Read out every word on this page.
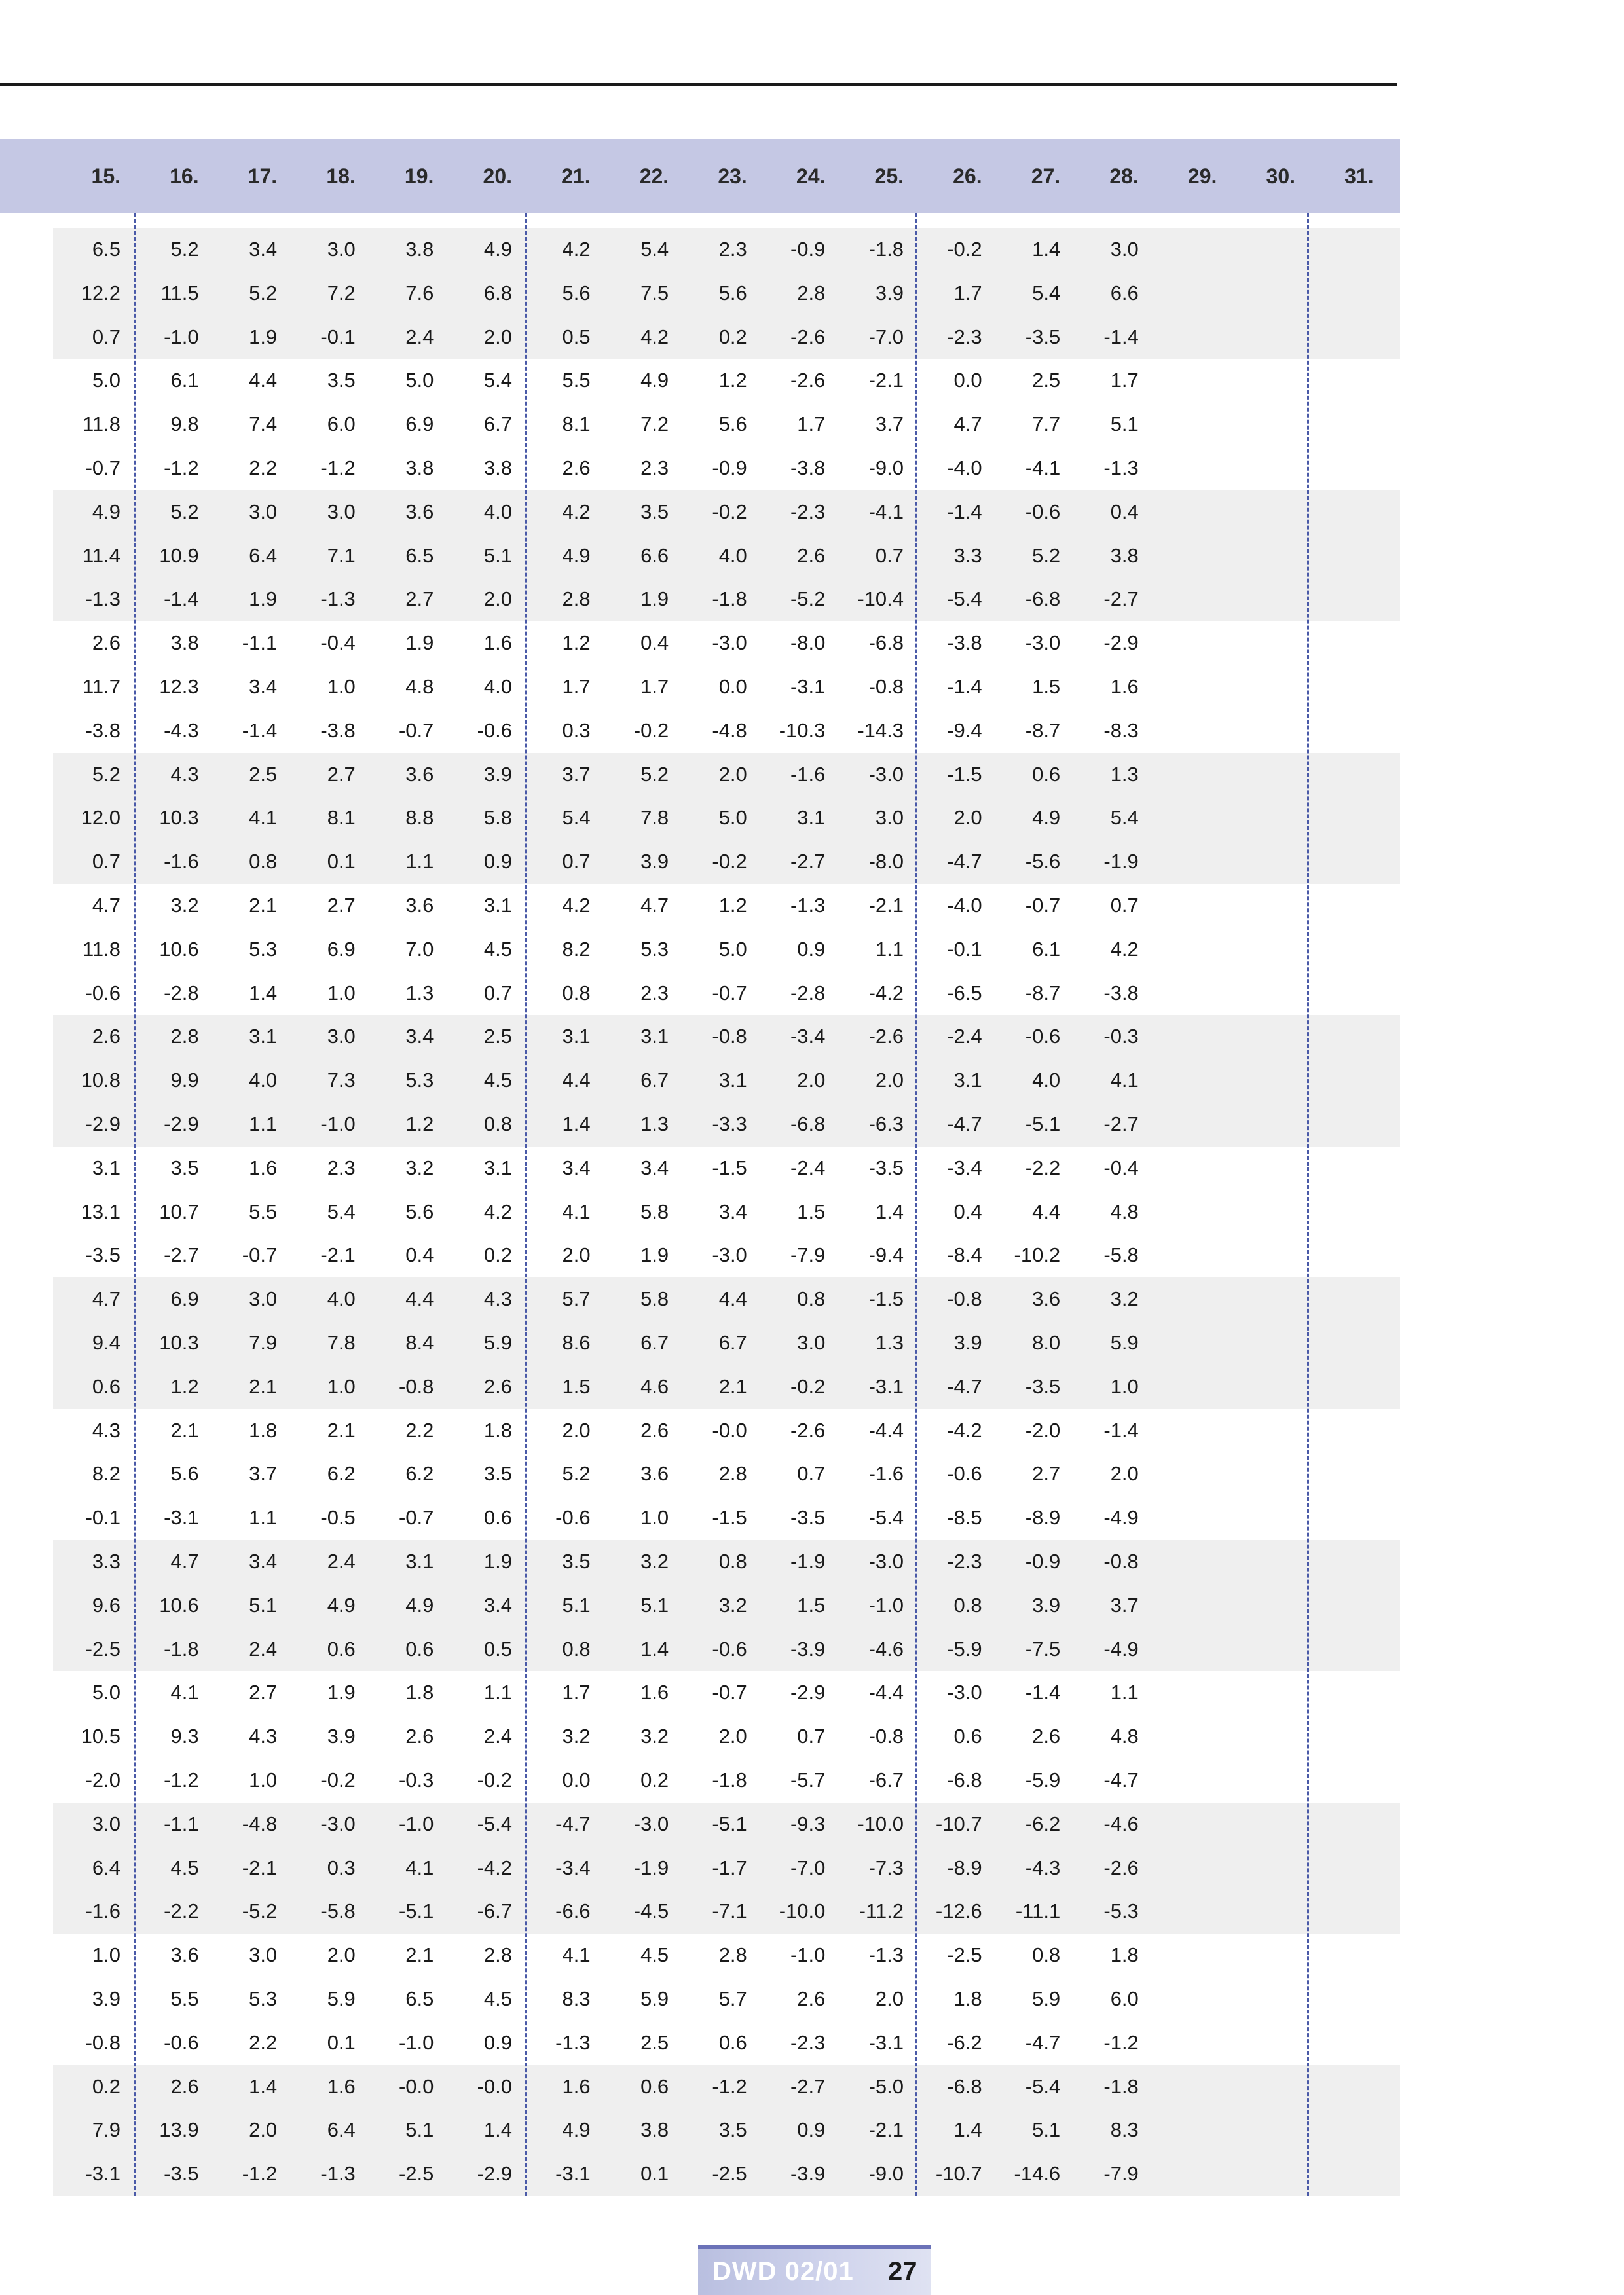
15.	16.	17.	18.	19.	20.	21.	22.	23.	24.	25.	26.	27.	28.	29.	30.	31.
6.5	5.2	3.4	3.0	3.8	4.9	4.2	5.4	2.3	-0.9	-1.8	-0.2	1.4	3.0
12.2	11.5	5.2	7.2	7.6	6.8	5.6	7.5	5.6	2.8	3.9	1.7	5.4	6.6
0.7	-1.0	1.9	-0.1	2.4	2.0	0.5	4.2	0.2	-2.6	-7.0	-2.3	-3.5	-1.4
5.0	6.1	4.4	3.5	5.0	5.4	5.5	4.9	1.2	-2.6	-2.1	0.0	2.5	1.7
11.8	9.8	7.4	6.0	6.9	6.7	8.1	7.2	5.6	1.7	3.7	4.7	7.7	5.1
-0.7	-1.2	2.2	-1.2	3.8	3.8	2.6	2.3	-0.9	-3.8	-9.0	-4.0	-4.1	-1.3
4.9	5.2	3.0	3.0	3.6	4.0	4.2	3.5	-0.2	-2.3	-4.1	-1.4	-0.6	0.4
11.4	10.9	6.4	7.1	6.5	5.1	4.9	6.6	4.0	2.6	0.7	3.3	5.2	3.8
-1.3	-1.4	1.9	-1.3	2.7	2.0	2.8	1.9	-1.8	-5.2	-10.4	-5.4	-6.8	-2.7
2.6	3.8	-1.1	-0.4	1.9	1.6	1.2	0.4	-3.0	-8.0	-6.8	-3.8	-3.0	-2.9
11.7	12.3	3.4	1.0	4.8	4.0	1.7	1.7	0.0	-3.1	-0.8	-1.4	1.5	1.6
-3.8	-4.3	-1.4	-3.8	-0.7	-0.6	0.3	-0.2	-4.8	-10.3	-14.3	-9.4	-8.7	-8.3
5.2	4.3	2.5	2.7	3.6	3.9	3.7	5.2	2.0	-1.6	-3.0	-1.5	0.6	1.3
12.0	10.3	4.1	8.1	8.8	5.8	5.4	7.8	5.0	3.1	3.0	2.0	4.9	5.4
0.7	-1.6	0.8	0.1	1.1	0.9	0.7	3.9	-0.2	-2.7	-8.0	-4.7	-5.6	-1.9
4.7	3.2	2.1	2.7	3.6	3.1	4.2	4.7	1.2	-1.3	-2.1	-4.0	-0.7	0.7
11.8	10.6	5.3	6.9	7.0	4.5	8.2	5.3	5.0	0.9	1.1	-0.1	6.1	4.2
-0.6	-2.8	1.4	1.0	1.3	0.7	0.8	2.3	-0.7	-2.8	-4.2	-6.5	-8.7	-3.8
2.6	2.8	3.1	3.0	3.4	2.5	3.1	3.1	-0.8	-3.4	-2.6	-2.4	-0.6	-0.3
10.8	9.9	4.0	7.3	5.3	4.5	4.4	6.7	3.1	2.0	2.0	3.1	4.0	4.1
-2.9	-2.9	1.1	-1.0	1.2	0.8	1.4	1.3	-3.3	-6.8	-6.3	-4.7	-5.1	-2.7
3.1	3.5	1.6	2.3	3.2	3.1	3.4	3.4	-1.5	-2.4	-3.5	-3.4	-2.2	-0.4
13.1	10.7	5.5	5.4	5.6	4.2	4.1	5.8	3.4	1.5	1.4	0.4	4.4	4.8
-3.5	-2.7	-0.7	-2.1	0.4	0.2	2.0	1.9	-3.0	-7.9	-9.4	-8.4	-10.2	-5.8
4.7	6.9	3.0	4.0	4.4	4.3	5.7	5.8	4.4	0.8	-1.5	-0.8	3.6	3.2
9.4	10.3	7.9	7.8	8.4	5.9	8.6	6.7	6.7	3.0	1.3	3.9	8.0	5.9
0.6	1.2	2.1	1.0	-0.8	2.6	1.5	4.6	2.1	-0.2	-3.1	-4.7	-3.5	1.0
4.3	2.1	1.8	2.1	2.2	1.8	2.0	2.6	-0.0	-2.6	-4.4	-4.2	-2.0	-1.4
8.2	5.6	3.7	6.2	6.2	3.5	5.2	3.6	2.8	0.7	-1.6	-0.6	2.7	2.0
-0.1	-3.1	1.1	-0.5	-0.7	0.6	-0.6	1.0	-1.5	-3.5	-5.4	-8.5	-8.9	-4.9
3.3	4.7	3.4	2.4	3.1	1.9	3.5	3.2	0.8	-1.9	-3.0	-2.3	-0.9	-0.8
9.6	10.6	5.1	4.9	4.9	3.4	5.1	5.1	3.2	1.5	-1.0	0.8	3.9	3.7
-2.5	-1.8	2.4	0.6	0.6	0.5	0.8	1.4	-0.6	-3.9	-4.6	-5.9	-7.5	-4.9
5.0	4.1	2.7	1.9	1.8	1.1	1.7	1.6	-0.7	-2.9	-4.4	-3.0	-1.4	1.1
10.5	9.3	4.3	3.9	2.6	2.4	3.2	3.2	2.0	0.7	-0.8	0.6	2.6	4.8
-2.0	-1.2	1.0	-0.2	-0.3	-0.2	0.0	0.2	-1.8	-5.7	-6.7	-6.8	-5.9	-4.7
3.0	-1.1	-4.8	-3.0	-1.0	-5.4	-4.7	-3.0	-5.1	-9.3	-10.0	-10.7	-6.2	-4.6
6.4	4.5	-2.1	0.3	4.1	-4.2	-3.4	-1.9	-1.7	-7.0	-7.3	-8.9	-4.3	-2.6
-1.6	-2.2	-5.2	-5.8	-5.1	-6.7	-6.6	-4.5	-7.1	-10.0	-11.2	-12.6	-11.1	-5.3
1.0	3.6	3.0	2.0	2.1	2.8	4.1	4.5	2.8	-1.0	-1.3	-2.5	0.8	1.8
3.9	5.5	5.3	5.9	6.5	4.5	8.3	5.9	5.7	2.6	2.0	1.8	5.9	6.0
-0.8	-0.6	2.2	0.1	-1.0	0.9	-1.3	2.5	0.6	-2.3	-3.1	-6.2	-4.7	-1.2
0.2	2.6	1.4	1.6	-0.0	-0.0	1.6	0.6	-1.2	-2.7	-5.0	-6.8	-5.4	-1.8
7.9	13.9	2.0	6.4	5.1	1.4	4.9	3.8	3.5	0.9	-2.1	1.4	5.1	8.3
-3.1	-3.5	-1.2	-1.3	-2.5	-2.9	-3.1	0.1	-2.5	-3.9	-9.0	-10.7	-14.6	-7.9
DWD 02/01 27
